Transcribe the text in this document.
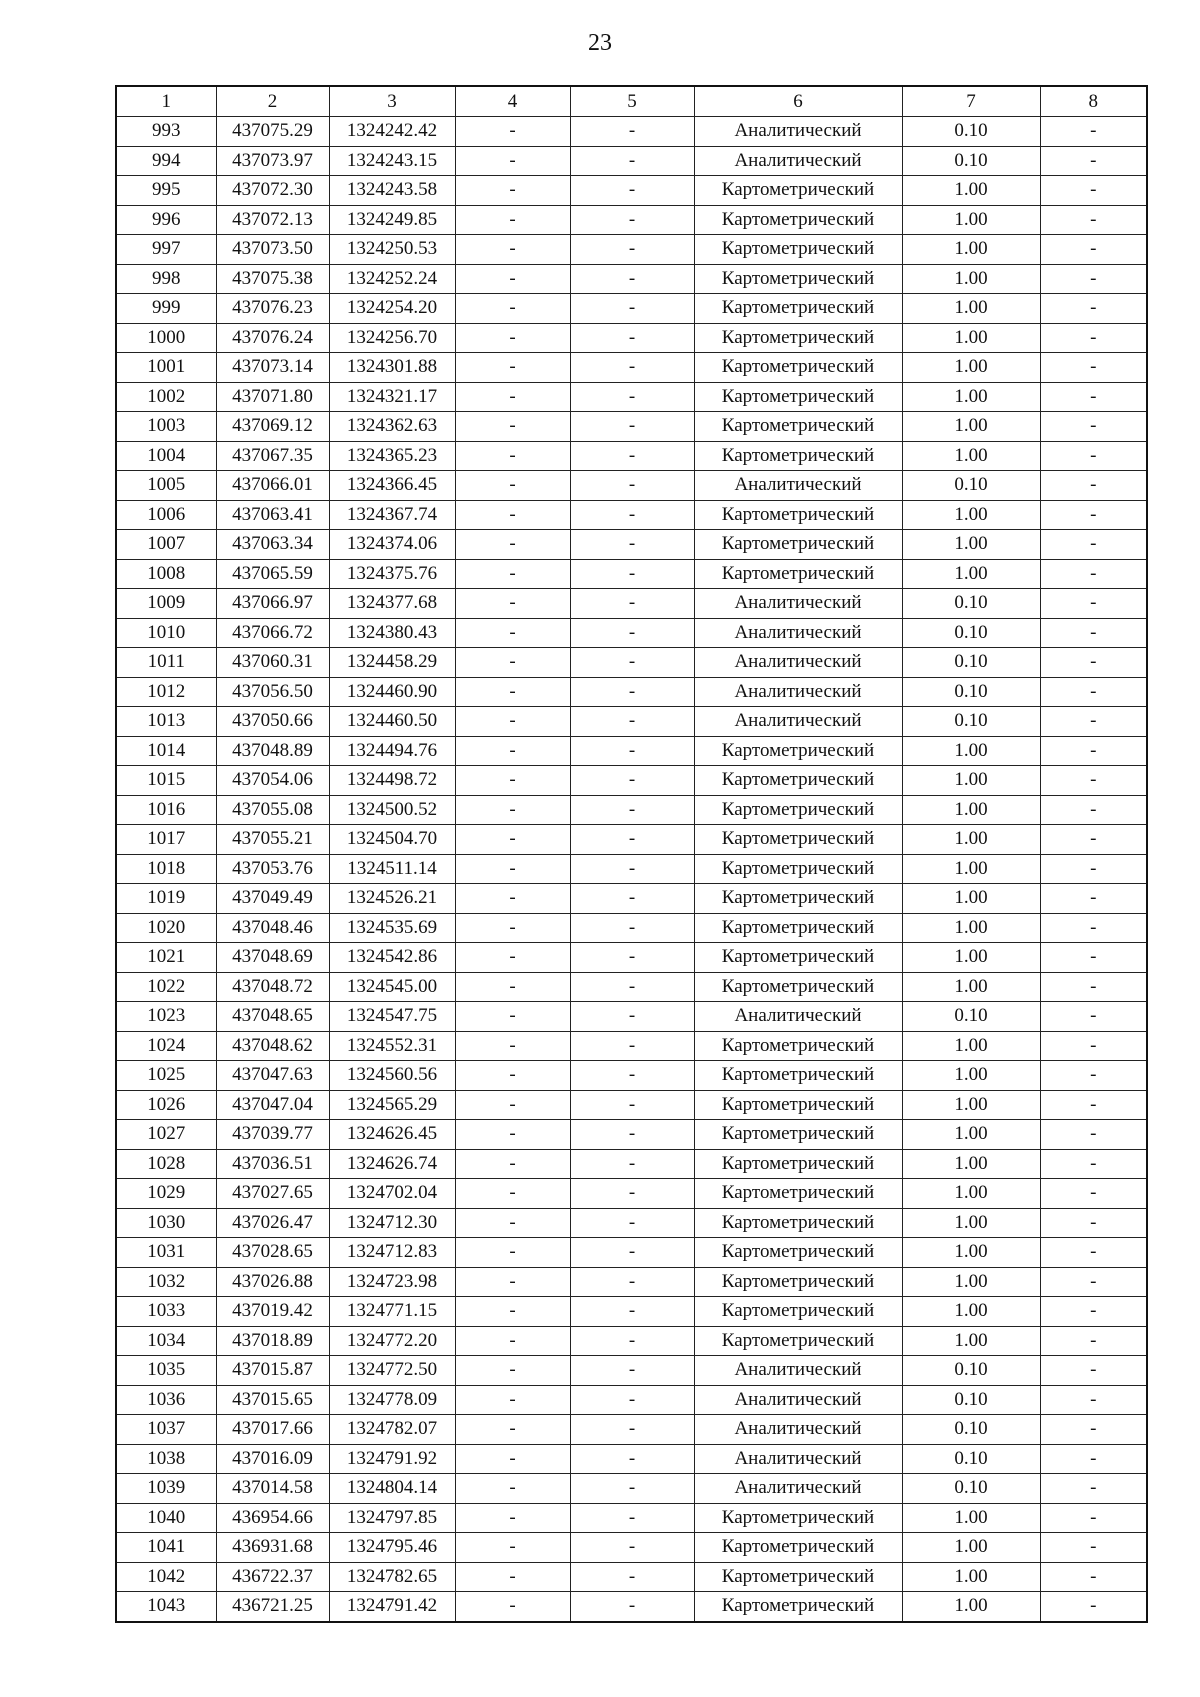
23
1	2	3	4	5	6	7	8
993	437075.29	1324242.42	-	-	Аналитический	0.10	-
994	437073.97	1324243.15	-	-	Аналитический	0.10	-
995	437072.30	1324243.58	-	-	Картометрический	1.00	-
996	437072.13	1324249.85	-	-	Картометрический	1.00	-
997	437073.50	1324250.53	-	-	Картометрический	1.00	-
998	437075.38	1324252.24	-	-	Картометрический	1.00	-
999	437076.23	1324254.20	-	-	Картометрический	1.00	-
1000	437076.24	1324256.70	-	-	Картометрический	1.00	-
1001	437073.14	1324301.88	-	-	Картометрический	1.00	-
1002	437071.80	1324321.17	-	-	Картометрический	1.00	-
1003	437069.12	1324362.63	-	-	Картометрический	1.00	-
1004	437067.35	1324365.23	-	-	Картометрический	1.00	-
1005	437066.01	1324366.45	-	-	Аналитический	0.10	-
1006	437063.41	1324367.74	-	-	Картометрический	1.00	-
1007	437063.34	1324374.06	-	-	Картометрический	1.00	-
1008	437065.59	1324375.76	-	-	Картометрический	1.00	-
1009	437066.97	1324377.68	-	-	Аналитический	0.10	-
1010	437066.72	1324380.43	-	-	Аналитический	0.10	-
1011	437060.31	1324458.29	-	-	Аналитический	0.10	-
1012	437056.50	1324460.90	-	-	Аналитический	0.10	-
1013	437050.66	1324460.50	-	-	Аналитический	0.10	-
1014	437048.89	1324494.76	-	-	Картометрический	1.00	-
1015	437054.06	1324498.72	-	-	Картометрический	1.00	-
1016	437055.08	1324500.52	-	-	Картометрический	1.00	-
1017	437055.21	1324504.70	-	-	Картометрический	1.00	-
1018	437053.76	1324511.14	-	-	Картометрический	1.00	-
1019	437049.49	1324526.21	-	-	Картометрический	1.00	-
1020	437048.46	1324535.69	-	-	Картометрический	1.00	-
1021	437048.69	1324542.86	-	-	Картометрический	1.00	-
1022	437048.72	1324545.00	-	-	Картометрический	1.00	-
1023	437048.65	1324547.75	-	-	Аналитический	0.10	-
1024	437048.62	1324552.31	-	-	Картометрический	1.00	-
1025	437047.63	1324560.56	-	-	Картометрический	1.00	-
1026	437047.04	1324565.29	-	-	Картометрический	1.00	-
1027	437039.77	1324626.45	-	-	Картометрический	1.00	-
1028	437036.51	1324626.74	-	-	Картометрический	1.00	-
1029	437027.65	1324702.04	-	-	Картометрический	1.00	-
1030	437026.47	1324712.30	-	-	Картометрический	1.00	-
1031	437028.65	1324712.83	-	-	Картометрический	1.00	-
1032	437026.88	1324723.98	-	-	Картометрический	1.00	-
1033	437019.42	1324771.15	-	-	Картометрический	1.00	-
1034	437018.89	1324772.20	-	-	Картометрический	1.00	-
1035	437015.87	1324772.50	-	-	Аналитический	0.10	-
1036	437015.65	1324778.09	-	-	Аналитический	0.10	-
1037	437017.66	1324782.07	-	-	Аналитический	0.10	-
1038	437016.09	1324791.92	-	-	Аналитический	0.10	-
1039	437014.58	1324804.14	-	-	Аналитический	0.10	-
1040	436954.66	1324797.85	-	-	Картометрический	1.00	-
1041	436931.68	1324795.46	-	-	Картометрический	1.00	-
1042	436722.37	1324782.65	-	-	Картометрический	1.00	-
1043	436721.25	1324791.42	-	-	Картометрический	1.00	-
